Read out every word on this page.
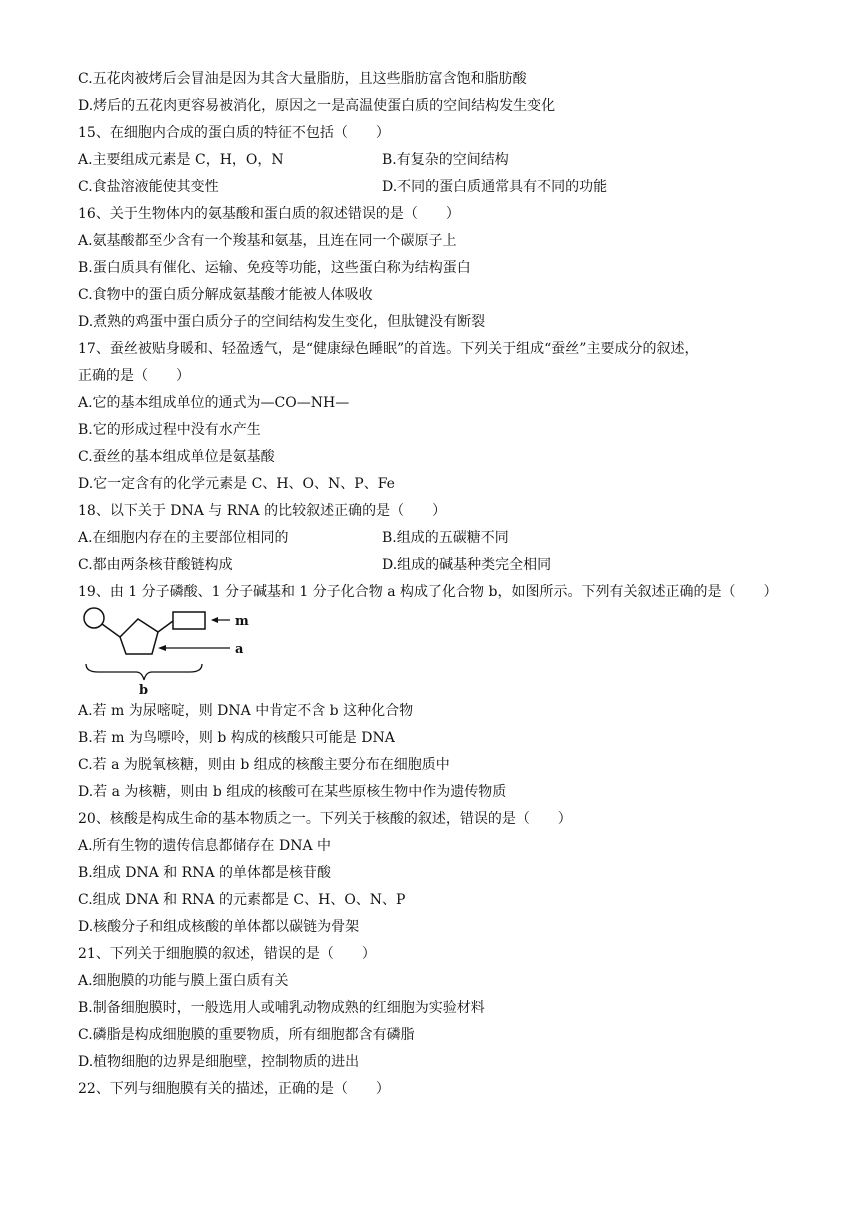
C.五花肉被烤后会冒油是因为其含大量脂肪，且这些脂肪富含饱和脂肪酸
D.烤后的五花肉更容易被消化，原因之一是高温使蛋白质的空间结构发生变化
15、在细胞内合成的蛋白质的特征不包括（　　）
A.主要组成元素是 C，H，O，N	B.有复杂的空间结构
C.食盐溶液能使其变性	D.不同的蛋白质通常具有不同的功能
16、关于生物体内的氨基酸和蛋白质的叙述错误的是（　　）
A.氨基酸都至少含有一个羧基和氨基，且连在同一个碳原子上
B.蛋白质具有催化、运输、免疫等功能，这些蛋白称为结构蛋白
C.食物中的蛋白质分解成氨基酸才能被人体吸收
D.煮熟的鸡蛋中蛋白质分子的空间结构发生变化，但肽键没有断裂
17、蚕丝被贴身暖和、轻盈透气，是“健康绿色睡眠”的首选。下列关于组成“蚕丝”主要成分的叙述，
正确的是（　　）
A.它的基本组成单位的通式为—CO—NH—
B.它的形成过程中没有水产生
C.蚕丝的基本组成单位是氨基酸
D.它一定含有的化学元素是 C、H、O、N、P、Fe
18、以下关于 DNA 与 RNA 的比较叙述正确的是（　　）
A.在细胞内存在的主要部位相同的	B.组成的五碳糖不同
C.都由两条核苷酸链构成	D.组成的碱基种类完全相同
19、由 1 分子磷酸、1 分子碱基和 1 分子化合物 a 构成了化合物 b，如图所示。下列有关叙述正确的是（　　）
m
a
b
A.若 m 为尿嘧啶，则 DNA 中肯定不含 b 这种化合物
B.若 m 为鸟嘌呤，则 b 构成的核酸只可能是 DNA
C.若 a 为脱氧核糖，则由 b 组成的核酸主要分布在细胞质中
D.若 a 为核糖，则由 b 组成的核酸可在某些原核生物中作为遗传物质
20、核酸是构成生命的基本物质之一。下列关于核酸的叙述，错误的是（　　）
A.所有生物的遗传信息都储存在 DNA 中
B.组成 DNA 和 RNA 的单体都是核苷酸
C.组成 DNA 和 RNA 的元素都是 C、H、O、N、P
D.核酸分子和组成核酸的单体都以碳链为骨架
21、下列关于细胞膜的叙述，错误的是（　　）
A.细胞膜的功能与膜上蛋白质有关
B.制备细胞膜时，一般选用人或哺乳动物成熟的红细胞为实验材料
C.磷脂是构成细胞膜的重要物质，所有细胞都含有磷脂
D.植物细胞的边界是细胞壁，控制物质的进出
22、下列与细胞膜有关的描述，正确的是（　　）
